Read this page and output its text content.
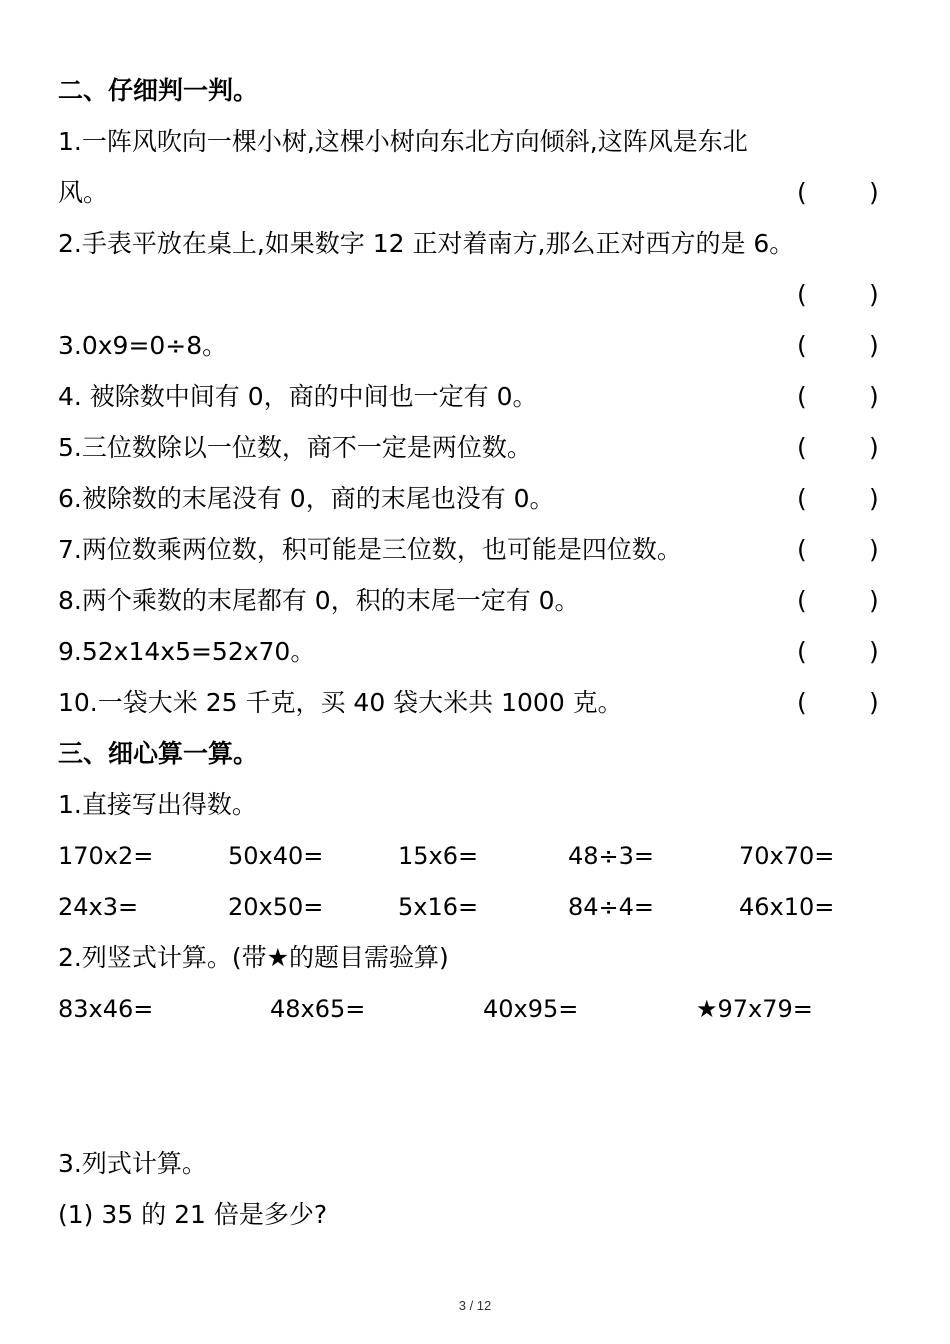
二、仔细判一判。
1.一阵风吹向一棵小树,这棵小树向东北方向倾斜,这阵风是东北
风。	( )
2.手表平放在桌上,如果数字 12 正对着南方,那么正对西方的是 6。
( )
3.0x9=0÷8。	( )
4. 被除数中间有 0，商的中间也一定有 0。	( )
5.三位数除以一位数，商不一定是两位数。	( )
6.被除数的末尾没有 0，商的末尾也没有 0。	( )
7.两位数乘两位数，积可能是三位数，也可能是四位数。	( )
8.两个乘数的末尾都有 0，积的末尾一定有 0。	( )
9.52x14x5=52x70。	( )
10.一袋大米 25 千克，买 40 袋大米共 1000 克。	( )
三、细心算一算。
1.直接写出得数。
170x2=	50x40=	15x6=	48÷3=	70x70=
24x3=	20x50=	5x16=	84÷4=	46x10=
2.列竖式计算。(带★的题目需验算)
83x46=	48x65=	40x95=	★97x79=
3.列式计算。
(1) 35 的 21 倍是多少?
3 / 12
